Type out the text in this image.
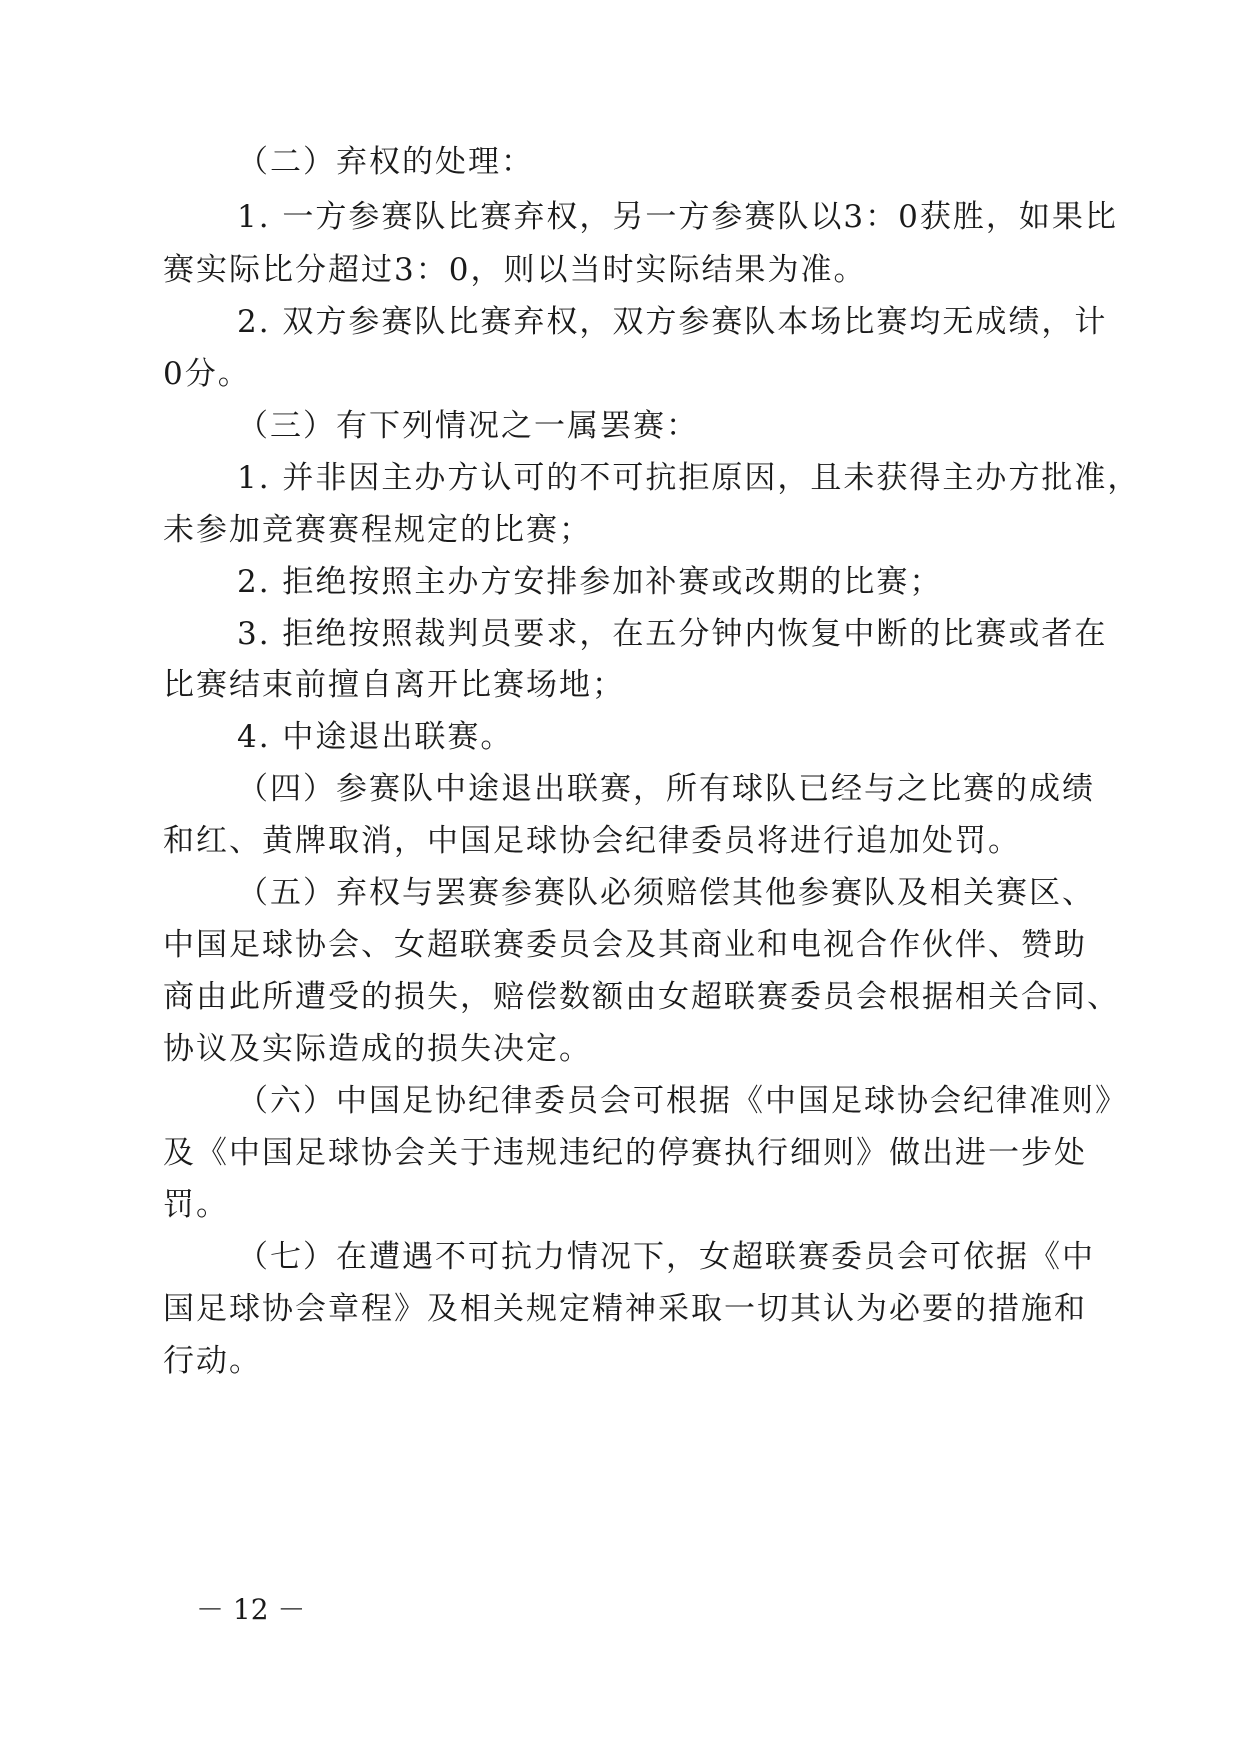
（二）弃权的处理：

1. 一方参赛队比赛弃权，另一方参赛队以3：0获胜，如果比

赛实际比分超过3：0，则以当时实际结果为准。

2. 双方参赛队比赛弃权，双方参赛队本场比赛均无成绩，计

0分。

（三）有下列情况之一属罢赛：

1. 并非因主办方认可的不可抗拒原因，且未获得主办方批准，

未参加竞赛赛程规定的比赛；

2. 拒绝按照主办方安排参加补赛或改期的比赛；

3. 拒绝按照裁判员要求，在五分钟内恢复中断的比赛或者在

比赛结束前擅自离开比赛场地；

4. 中途退出联赛。

（四）参赛队中途退出联赛，所有球队已经与之比赛的成绩

和红、黄牌取消，中国足球协会纪律委员将进行追加处罚。

（五）弃权与罢赛参赛队必须赔偿其他参赛队及相关赛区、

中国足球协会、女超联赛委员会及其商业和电视合作伙伴、赞助

商由此所遭受的损失，赔偿数额由女超联赛委员会根据相关合同、

协议及实际造成的损失决定。

（六）中国足协纪律委员会可根据《中国足球协会纪律准则》

及《中国足球协会关于违规违纪的停赛执行细则》做出进一步处

罚。

（七）在遭遇不可抗力情况下，女超联赛委员会可依据《中

国足球协会章程》及相关规定精神采取一切其认为必要的措施和

行动。

－ 12 －
